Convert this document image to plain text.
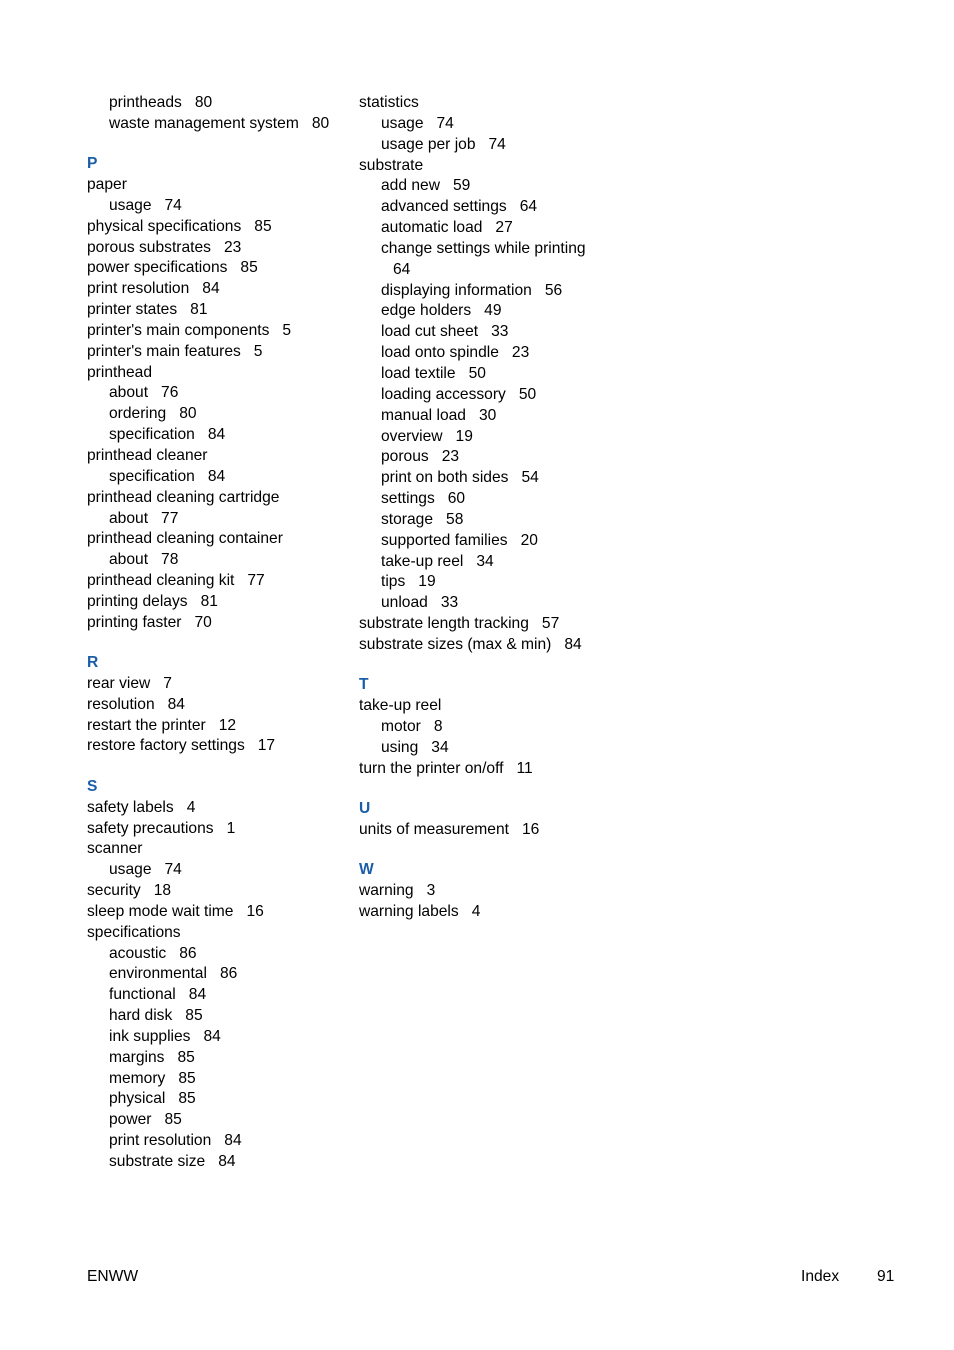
printheads 80
waste management system 80
P
paper
usage 74
physical specifications 85
porous substrates 23
power specifications 85
print resolution 84
printer states 81
printer's main components 5
printer's main features 5
printhead
about 76
ordering 80
specification 84
printhead cleaner
specification 84
printhead cleaning cartridge
about 77
printhead cleaning container
about 78
printhead cleaning kit 77
printing delays 81
printing faster 70
R
rear view 7
resolution 84
restart the printer 12
restore factory settings 17
S
safety labels 4
safety precautions 1
scanner
usage 74
security 18
sleep mode wait time 16
specifications
acoustic 86
environmental 86
functional 84
hard disk 85
ink supplies 84
margins 85
memory 85
physical 85
power 85
print resolution 84
substrate size 84
statistics
usage 74
usage per job 74
substrate
add new 59
advanced settings 64
automatic load 27
change settings while printing
64
displaying information 56
edge holders 49
load cut sheet 33
load onto spindle 23
load textile 50
loading accessory 50
manual load 30
overview 19
porous 23
print on both sides 54
settings 60
storage 58
supported families 20
take-up reel 34
tips 19
unload 33
substrate length tracking 57
substrate sizes (max & min) 84
T
take-up reel
motor 8
using 34
turn the printer on/off 11
U
units of measurement 16
W
warning 3
warning labels 4
ENWW	Index 91
